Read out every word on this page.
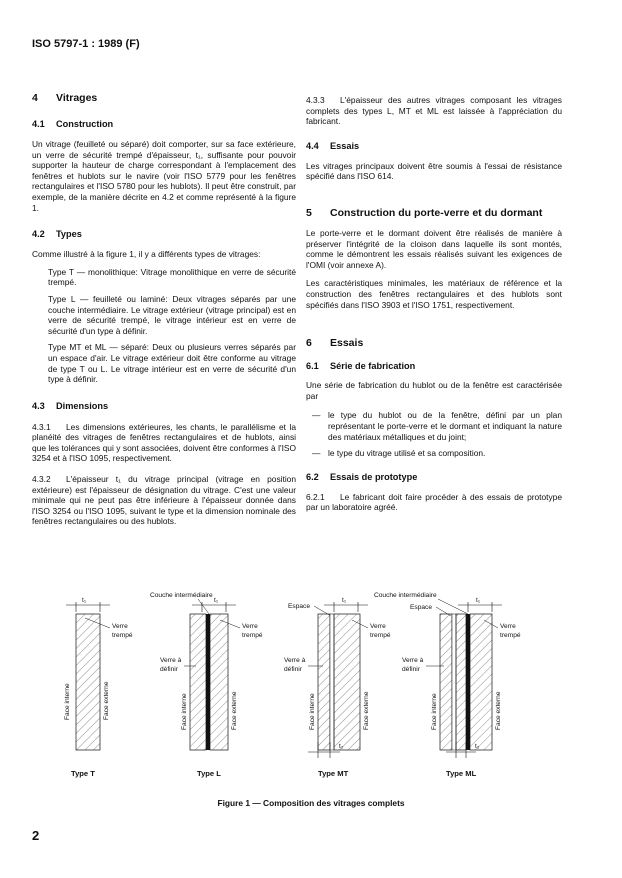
ISO 5797-1 : 1989 (F)
4 Vitrages
4.1 Construction

Un vitrage (feuilleté ou séparé) doit comporter, sur sa face extérieure, un verre de sécurité trempé d'épaisseur, t₁, suffisante pour pouvoir supporter la hauteur de charge correspondant à l'emplacement des fenêtres et hublots sur le navire (voir l'ISO 5779 pour les fenêtres rectangulaires et l'ISO 5780 pour les hublots). Il peut être construit, par exemple, de la manière décrite en 4.2 et comme représenté à la figure 1.

4.2 Types

Comme illustré à la figure 1, il y a différents types de vitrages:

Type T — monolithique: Vitrage monolithique en verre de sécurité trempé.

Type L — feuilleté ou laminé: Deux vitrages séparés par une couche intermédiaire. Le vitrage extérieur (vitrage principal) est en verre de sécurité trempé, le vitrage intérieur est en verre de sécurité d'un type à définir.

Type MT et ML — séparé: Deux ou plusieurs verres séparés par un espace d'air. Le vitrage extérieur doit être conforme au vitrage de type T ou L. Le vitrage intérieur est en verre de sécurité d'un type à définir.

4.3 Dimensions

4.3.1 Les dimensions extérieures, les chants, le parallélisme et la planéité des vitrages de fenêtres rectangulaires et de hublots, ainsi que les tolérances qui y sont associées, doivent être conformes à l'ISO 3254 et à l'ISO 1095, respectivement.

4.3.2 L'épaisseur t₁ du vitrage principal (vitrage en position extérieure) est l'épaisseur de désignation du vitrage. C'est une valeur minimale qui ne peut pas être inférieure à l'épaisseur donnée dans l'ISO 3254 ou l'ISO 1095, suivant le type et la dimension nominale des fenêtres rectangulaires ou des hublots.

4.3.3 L'épaisseur des autres vitrages composant les vitrages complets des types L, MT et ML est laissée à l'appréciation du fabricant.

4.4 Essais

Les vitrages principaux doivent être soumis à l'essai de résistance spécifié dans l'ISO 614.

5 Construction du porte-verre et du dormant

Le porte-verre et le dormant doivent être réalisés de manière à préserver l'intégrité de la cloison dans laquelle ils sont montés, comme le démontrent les essais réalisés suivant les exigences de l'OMI (voir annexe A).

Les caractéristiques minimales, les matériaux de référence et la construction des fenêtres rectangulaires et des hublots sont spécifiés dans l'ISO 3903 et l'ISO 1751, respectivement.

6 Essais
6.1 Série de fabrication

Une série de fabrication du hublot ou de la fenêtre est caractérisée par

— le type du hublot ou de la fenêtre, défini par un plan représentant le porte-verre et le dormant et indiquant la nature des matériaux métalliques et du joint;

— le type du vitrage utilisé et sa composition.

6.2 Essais de prototype

6.2.1 Le fabricant doit faire procéder à des essais de prototype par un laboratoire agréé.

t₁
Verre
trempé
Face interne	Face externe
Type T
t₁
Couche intermédiaire
Verre
trempé
Verre à
définir
Face interne	Face externe
Type L
t₁
Espace
Verre
trempé
Verre à
définir
Face interne	Face externe
t₂
Type MT
t₁
Couche intermédiaire
Espace
Verre
trempé
Verre à
définir
Face interne	Face externe
t₂
Type ML
Figure 1 — Composition des vitrages complets
2
